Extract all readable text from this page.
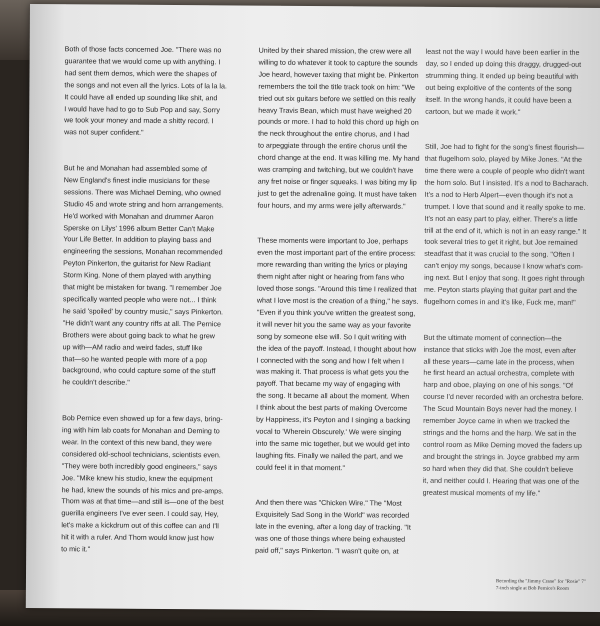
Both of those facts concerned Joe. "There was no
guarantee that we would come up with anything. I
had sent them demos, which were the shapes of
the songs and not even all the lyrics. Lots of la la la.
It could have all ended up sounding like shit, and
I would have had to go to Sub Pop and say, Sorry
we took your money and made a shitty record. I
was not super confident."

But he and Monahan had assembled some of
New England's finest indie musicians for these
sessions. There was Michael Deming, who owned
Studio 45 and wrote string and horn arrangements.
He'd worked with Monahan and drummer Aaron
Sperske on Lilys' 1996 album Better Can't Make
Your Life Better. In addition to playing bass and
engineering the sessions, Monahan recommended
Peyton Pinkerton, the guitarist for New Radiant
Storm King. None of them played with anything
that might be mistaken for twang. "I remember Joe
specifically wanted people who were not... I think
he said 'spoiled' by country music," says Pinkerton.
"He didn't want any country riffs at all. The Pernice
Brothers were about going back to what he grew
up with—AM radio and weird fades, stuff like
that—so he wanted people with more of a pop
background, who could capture some of the stuff
he couldn't describe."

Bob Pernice even showed up for a few days, bring-
ing with him lab coats for Monahan and Deming to
wear. In the context of this new band, they were
considered old-school technicians, scientists even.
"They were both incredibly good engineers," says
Joe. "Mike knew his studio, knew the equipment
he had, knew the sounds of his mics and pre-amps.
Thom was at that time—and still is—one of the best
guerilla engineers I've ever seen. I could say, Hey,
let's make a kickdrum out of this coffee can and I'll
hit it with a ruler. And Thom would know just how
to mic it."

United by their shared mission, the crew were all
willing to do whatever it took to capture the sounds
Joe heard, however taxing that might be. Pinkerton
remembers the toil the title track took on him: "We
tried out six guitars before we settled on this really
heavy Travis Bean, which must have weighed 20
pounds or more. I had to hold this chord up high on
the neck throughout the entire chorus, and I had
to arpeggiate through the entire chorus until the
chord change at the end. It was killing me. My hand
was cramping and twitching, but we couldn't have
any fret noise or finger squeaks. I was biting my lip
just to get the adrenaline going. It must have taken
four hours, and my arms were jelly afterwards."

These moments were important to Joe, perhaps
even the most important part of the entire process:
more rewarding than writing the lyrics or playing
them night after night or hearing from fans who
loved those songs. "Around this time I realized that
what I love most is the creation of a thing," he says.
"Even if you think you've written the greatest song,
it will never hit you the same way as your favorite
song by someone else will. So I quit writing with
the idea of the payoff. Instead, I thought about how
I connected with the song and how I felt when I
was making it. That process is what gets you the
payoff. That became my way of engaging with
the song. It became all about the moment. When
I think about the best parts of making Overcome
by Happiness, it's Peyton and I singing a backing
vocal to 'Wherein Obscurely.' We were singing
into the same mic together, but we would get into
laughing fits. Finally we nailed the part, and we
could feel it in that moment."

And then there was "Chicken Wire." The "Most
Exquisitely Sad Song in the World" was recorded
late in the evening, after a long day of tracking. "It
was one of those things where being exhausted
paid off," says Pinkerton. "I wasn't quite on, at

least not the way I would have been earlier in the
day, so I ended up doing this draggy, drugged-out
strumming thing. It ended up being beautiful with
out being exploitive of the contents of the song
itself. In the wrong hands, it could have been a
cartoon, but we made it work."

Still, Joe had to fight for the song's finest flourish—
that flugelhorn solo, played by Mike Jones. "At the
time there were a couple of people who didn't want
the horn solo. But I insisted. It's a nod to Bacharach.
It's a nod to Herb Alpert—even though it's not a
trumpet. I love that sound and it really spoke to me.
It's not an easy part to play, either. There's a little
trill at the end of it, which is not in an easy range." It
took several tries to get it right, but Joe remained
steadfast that it was crucial to the song. "Often I
can't enjoy my songs, because I know what's com-
ing next. But I enjoy that song. It goes right through
me. Peyton starts playing that guitar part and the
flugelhorn comes in and it's like, Fuck me, man!"

But the ultimate moment of connection—the
instance that sticks with Joe the most, even after
all these years—came late in the process, when
he first heard an actual orchestra, complete with
harp and oboe, playing on one of his songs. "Of
course I'd never recorded with an orchestra before.
The Scud Mountain Boys never had the money. I
remember Joyce came in when we tracked the
strings and the horns and the harp. We sat in the
control room as Mike Deming moved the faders up
and brought the strings in. Joyce grabbed my arm
so hard when they did that. She couldn't believe
it, and neither could I. Hearing that was one of the
greatest musical moments of my life."

Recording the "Jimmy Crane" for "Rosie" 7"
7-inch single at Bob Pernice's Room
